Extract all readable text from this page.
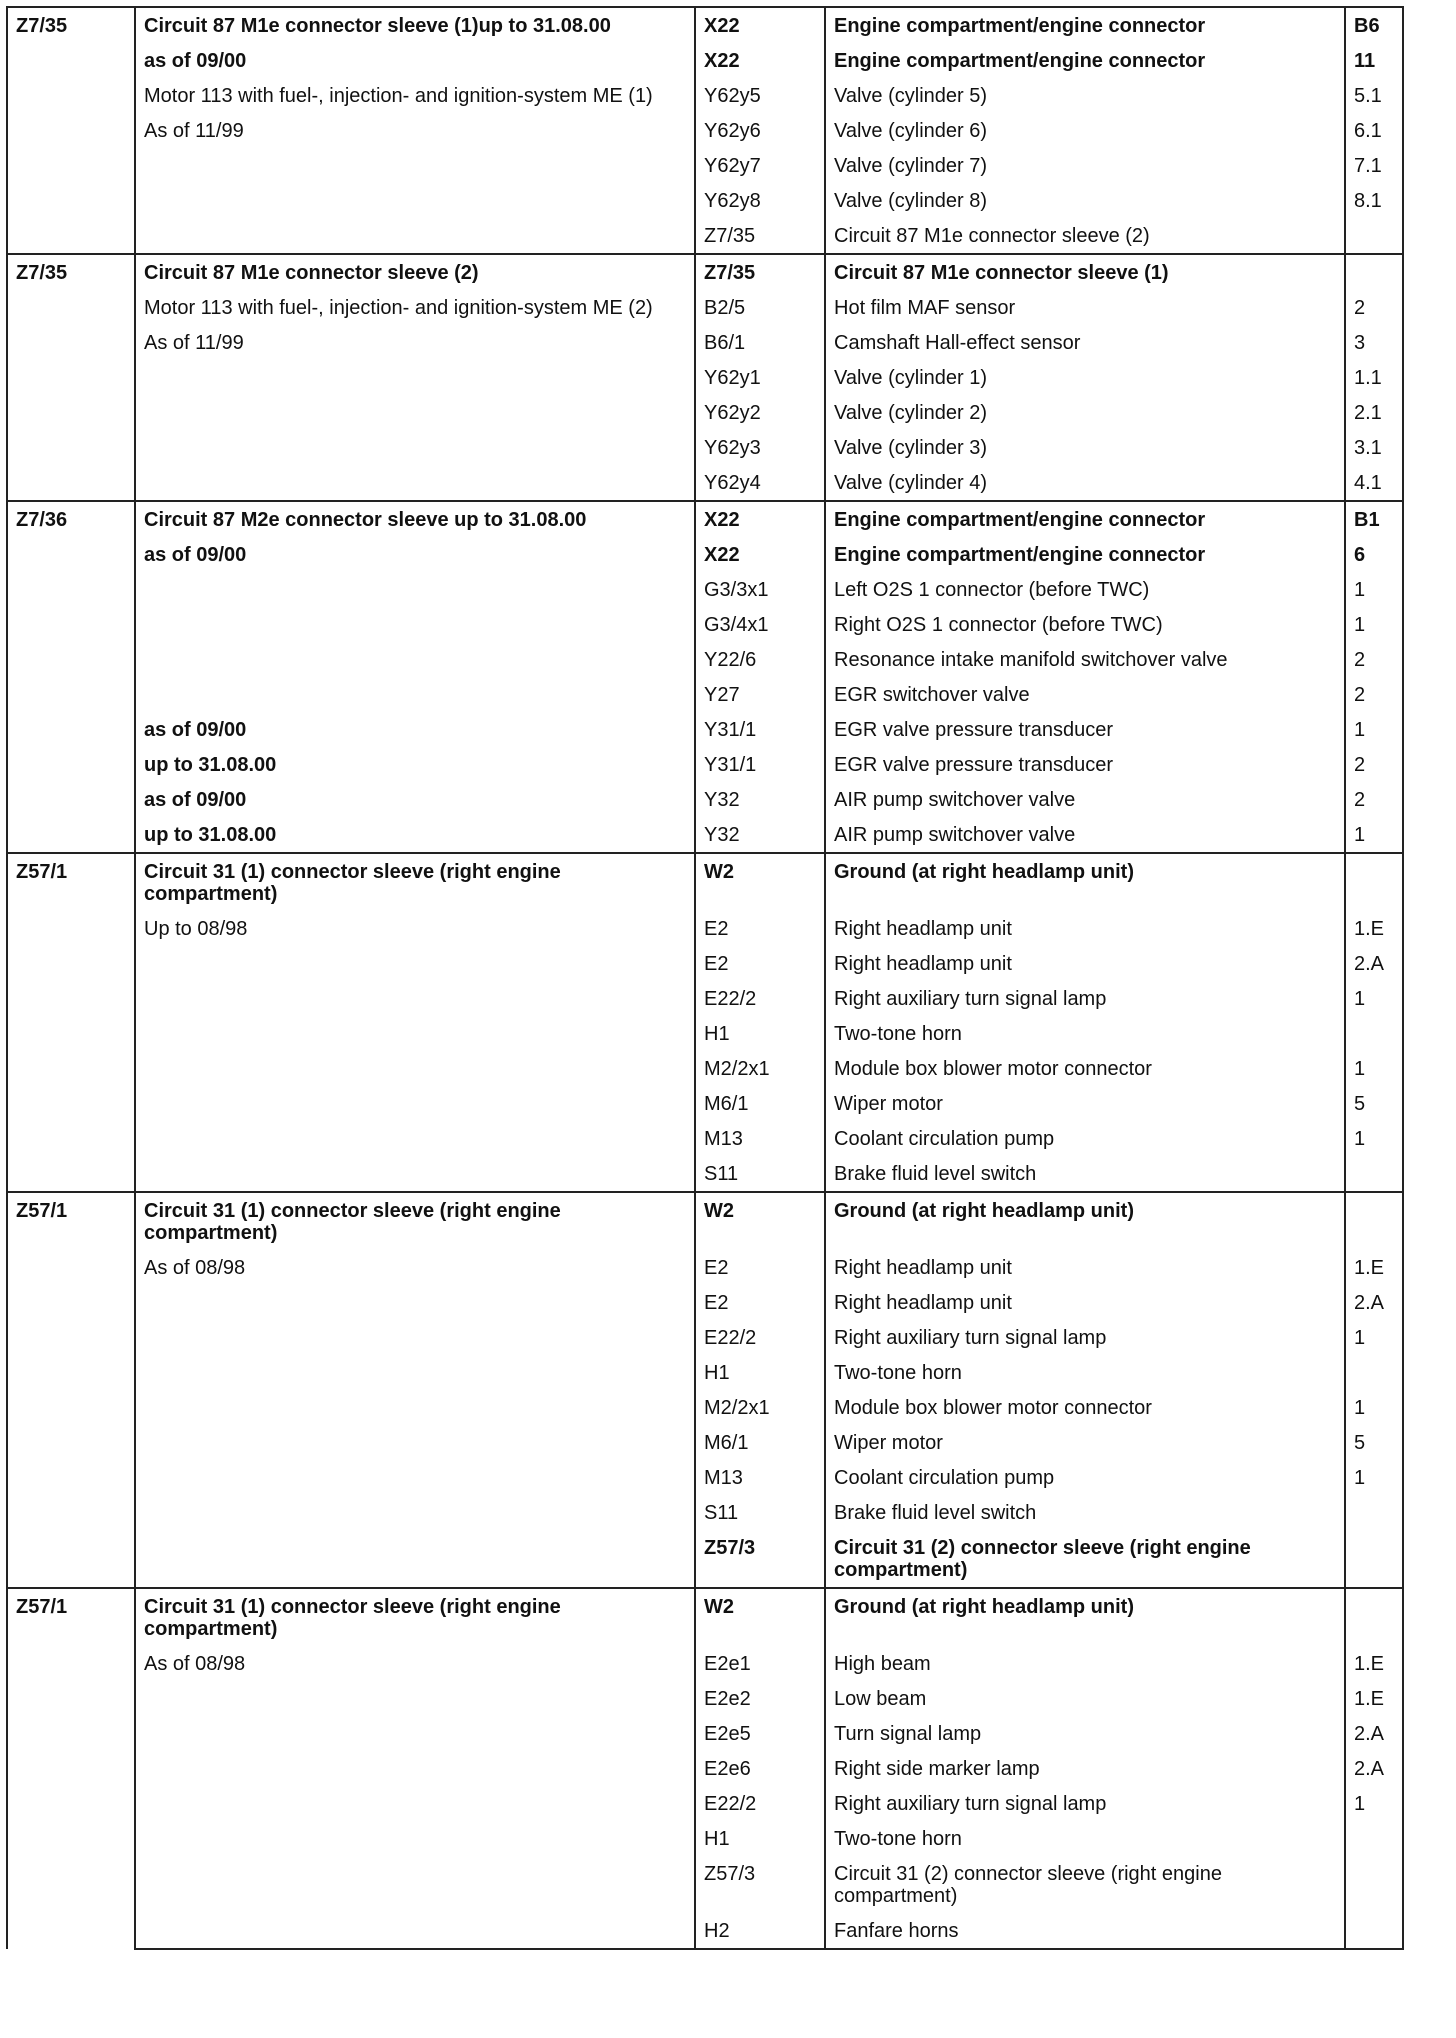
Z7/35	Circuit 87 M1e connector sleeve (1)up to 31.08.00	X22	Engine compartment/engine connector	B6
	as of 09/00	X22	Engine compartment/engine connector	11
	Motor 113 with fuel-, injection- and ignition-system ME (1)	Y62y5	Valve (cylinder 5)	5.1
	As of 11/99	Y62y6	Valve (cylinder 6)	6.1
		Y62y7	Valve (cylinder 7)	7.1
		Y62y8	Valve (cylinder 8)	8.1
		Z7/35	Circuit 87 M1e connector sleeve (2)	
Z7/35	Circuit 87 M1e connector sleeve (2)	Z7/35	Circuit 87 M1e connector sleeve (1)	
	Motor 113 with fuel-, injection- and ignition-system ME (2)	B2/5	Hot film MAF sensor	2
	As of 11/99	B6/1	Camshaft Hall-effect sensor	3
		Y62y1	Valve (cylinder 1)	1.1
		Y62y2	Valve (cylinder 2)	2.1
		Y62y3	Valve (cylinder 3)	3.1
		Y62y4	Valve (cylinder 4)	4.1
Z7/36	Circuit 87 M2e connector sleeve up to 31.08.00	X22	Engine compartment/engine connector	B1
	as of 09/00	X22	Engine compartment/engine connector	6
		G3/3x1	Left O2S 1 connector (before TWC)	1
		G3/4x1	Right O2S 1 connector (before TWC)	1
		Y22/6	Resonance intake manifold switchover valve	2
		Y27	EGR switchover valve	2
	as of 09/00	Y31/1	EGR valve pressure transducer	1
	up to 31.08.00	Y31/1	EGR valve pressure transducer	2
	as of 09/00	Y32	AIR pump switchover valve	2
	up to 31.08.00	Y32	AIR pump switchover valve	1
Z57/1	Circuit 31 (1) connector sleeve (right engine compartment)	W2	Ground (at right headlamp unit)	
	Up to 08/98	E2	Right headlamp unit	1.E
		E2	Right headlamp unit	2.A
		E22/2	Right auxiliary turn signal lamp	1
		H1	Two-tone horn	
		M2/2x1	Module box blower motor connector	1
		M6/1	Wiper motor	5
		M13	Coolant circulation pump	1
		S11	Brake fluid level switch	
Z57/1	Circuit 31 (1) connector sleeve (right engine compartment)	W2	Ground (at right headlamp unit)	
	As of 08/98	E2	Right headlamp unit	1.E
		E2	Right headlamp unit	2.A
		E22/2	Right auxiliary turn signal lamp	1
		H1	Two-tone horn	
		M2/2x1	Module box blower motor connector	1
		M6/1	Wiper motor	5
		M13	Coolant circulation pump	1
		S11	Brake fluid level switch	
		Z57/3	Circuit 31 (2) connector sleeve (right engine compartment)	
Z57/1	Circuit 31 (1) connector sleeve (right engine compartment)	W2	Ground (at right headlamp unit)	
	As of 08/98	E2e1	High beam	1.E
		E2e2	Low beam	1.E
		E2e5	Turn signal lamp	2.A
		E2e6	Right side marker lamp	2.A
		E22/2	Right auxiliary turn signal lamp	1
		H1	Two-tone horn	
		Z57/3	Circuit 31 (2) connector sleeve (right engine compartment)	
		H2	Fanfare horns	
